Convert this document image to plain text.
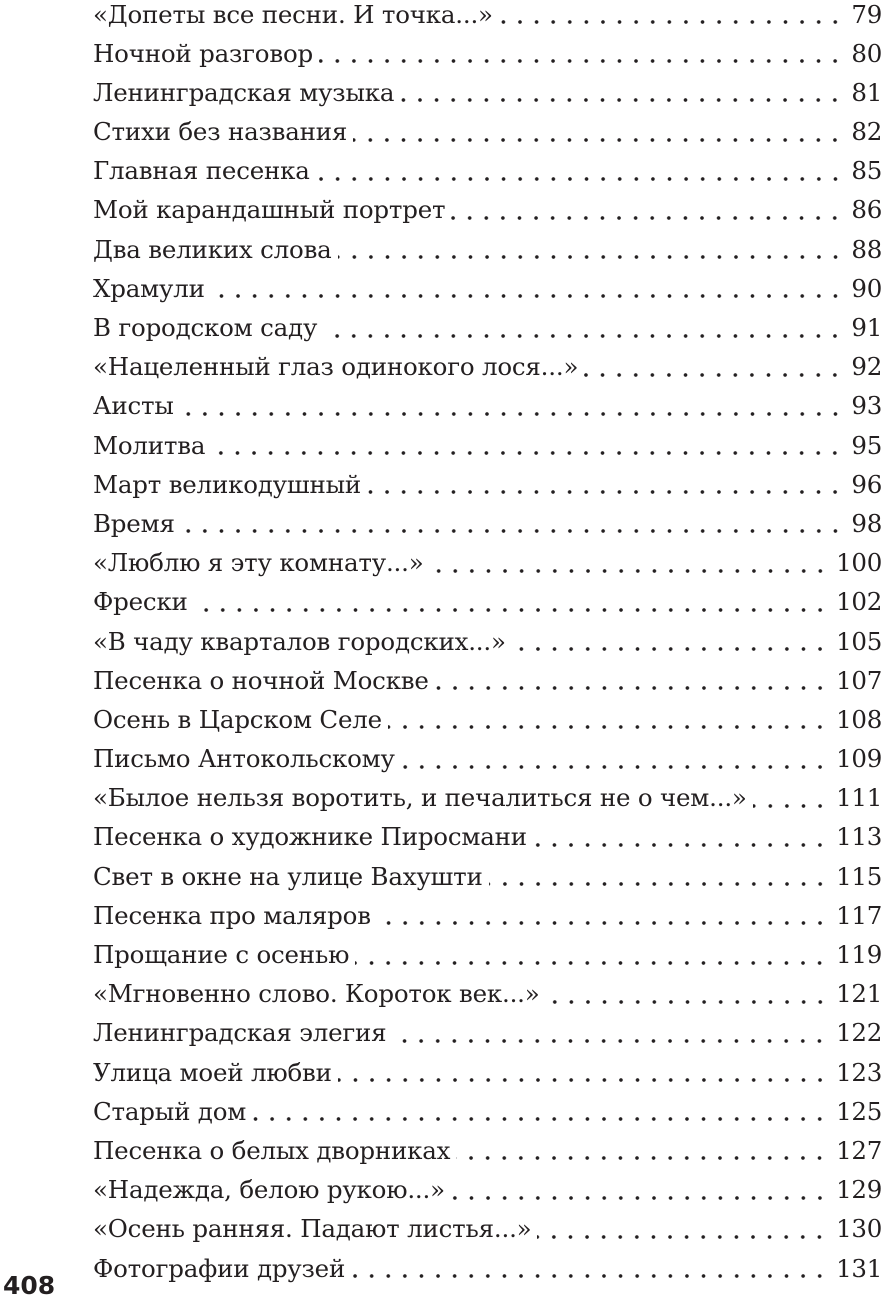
«Допеты все песни. И точка...»	79
Ночной разговор	80
Ленинградская музыка	81
Стихи без названия	82
Главная песенка	85
Мой карандашный портрет	86
Два великих слова	88
Храмули	90
В городском саду	91
«Нацеленный глаз одинокого лося...»	92
Аисты	93
Молитва	95
Март великодушный	96
Время	98
«Люблю я эту комнату...»	100
Фрески	102
«В чаду кварталов городских...»	105
Песенка о ночной Москве	107
Осень в Царском Селе	108
Письмо Антокольскому	109
«Былое нельзя воротить, и печалиться не о чем...»	111
Песенка о художнике Пиросмани	113
Свет в окне на улице Вахушти	115
Песенка про маляров	117
Прощание с осенью	119
«Мгновенно слово. Короток век...»	121
Ленинградская элегия	122
Улица моей любви	123
Старый дом	125
Песенка о белых дворниках	127
«Надежда, белою рукою...»	129
«Осень ранняя. Падают листья...»	130
Фотографии друзей	131
408
